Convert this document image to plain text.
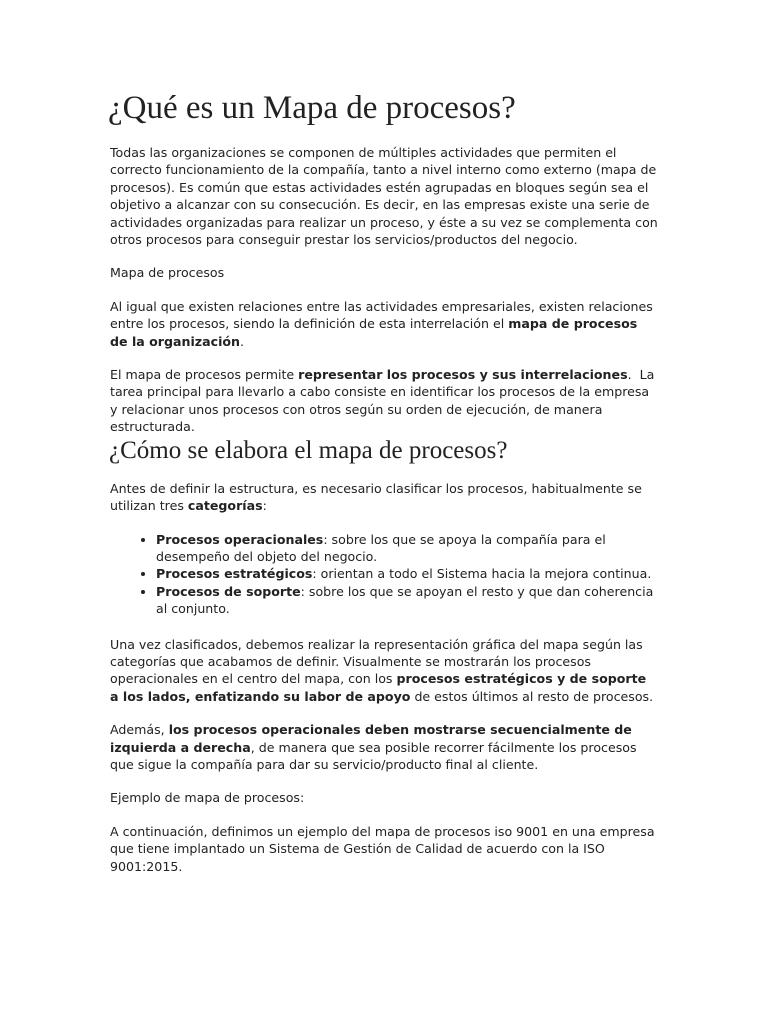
¿Qué es un Mapa de procesos?

Todas las organizaciones se componen de múltiples actividades que permiten el correcto funcionamiento de la compañía, tanto a nivel interno como externo (mapa de procesos). Es común que estas actividades estén agrupadas en bloques según sea el objetivo a alcanzar con su consecución. Es decir, en las empresas existe una serie de actividades organizadas para realizar un proceso, y éste a su vez se complementa con otros procesos para conseguir prestar los servicios/productos del negocio.

Mapa de procesos

Al igual que existen relaciones entre las actividades empresariales, existen relaciones entre los procesos, siendo la definición de esta interrelación el mapa de procesos de la organización.

El mapa de procesos permite representar los procesos y sus interrelaciones.  La tarea principal para llevarlo a cabo consiste en identificar los procesos de la empresa y relacionar unos procesos con otros según su orden de ejecución, de manera estructurada.

¿Cómo se elabora el mapa de procesos?

Antes de definir la estructura, es necesario clasificar los procesos, habitualmente se utilizan tres categorías:

• Procesos operacionales: sobre los que se apoya la compañía para el desempeño del objeto del negocio.
• Procesos estratégicos: orientan a todo el Sistema hacia la mejora continua.
• Procesos de soporte: sobre los que se apoyan el resto y que dan coherencia al conjunto.

Una vez clasificados, debemos realizar la representación gráfica del mapa según las categorías que acabamos de definir. Visualmente se mostrarán los procesos operacionales en el centro del mapa, con los procesos estratégicos y de soporte a los lados, enfatizando su labor de apoyo de estos últimos al resto de procesos.

Además, los procesos operacionales deben mostrarse secuencialmente de izquierda a derecha, de manera que sea posible recorrer fácilmente los procesos que sigue la compañía para dar su servicio/producto final al cliente.

Ejemplo de mapa de procesos:

A continuación, definimos un ejemplo del mapa de procesos iso 9001 en una empresa que tiene implantado un Sistema de Gestión de Calidad de acuerdo con la ISO 9001:2015.
